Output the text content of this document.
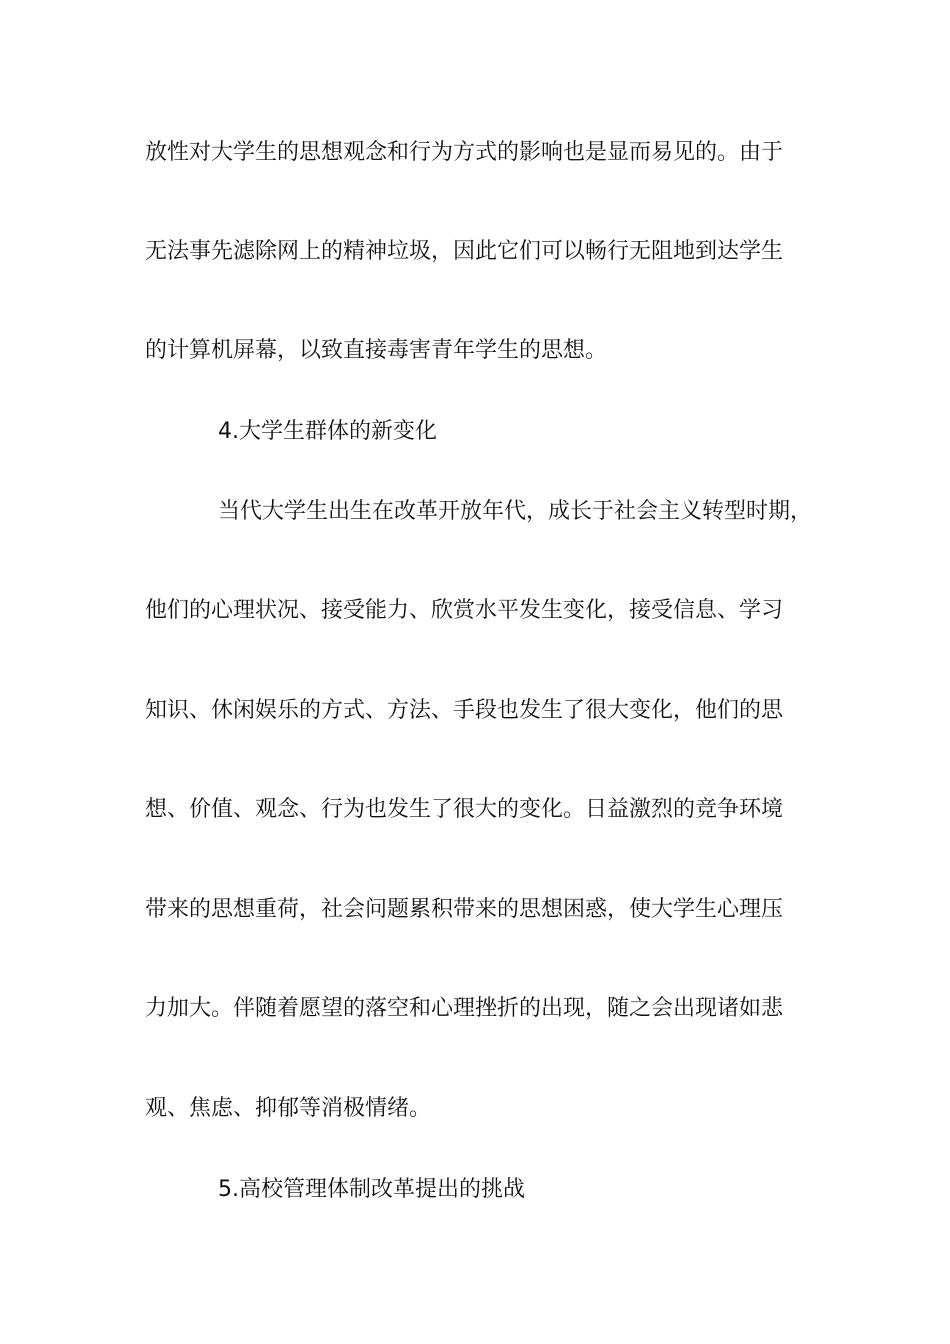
放性对大学生的思想观念和行为方式的影响也是显而易见的。由于
无法事先滤除网上的精神垃圾，因此它们可以畅行无阻地到达学生
的计算机屏幕，以致直接毒害青年学生的思想。
4.大学生群体的新变化
当代大学生出生在改革开放年代，成长于社会主义转型时期，
他们的心理状况、接受能力、欣赏水平发生变化，接受信息、学习
知识、休闲娱乐的方式、方法、手段也发生了很大变化，他们的思
想、价值、观念、行为也发生了很大的变化。日益激烈的竞争环境
带来的思想重荷，社会问题累积带来的思想困惑，使大学生心理压
力加大。伴随着愿望的落空和心理挫折的出现，随之会出现诸如悲
观、焦虑、抑郁等消极情绪。
5.高校管理体制改革提出的挑战
